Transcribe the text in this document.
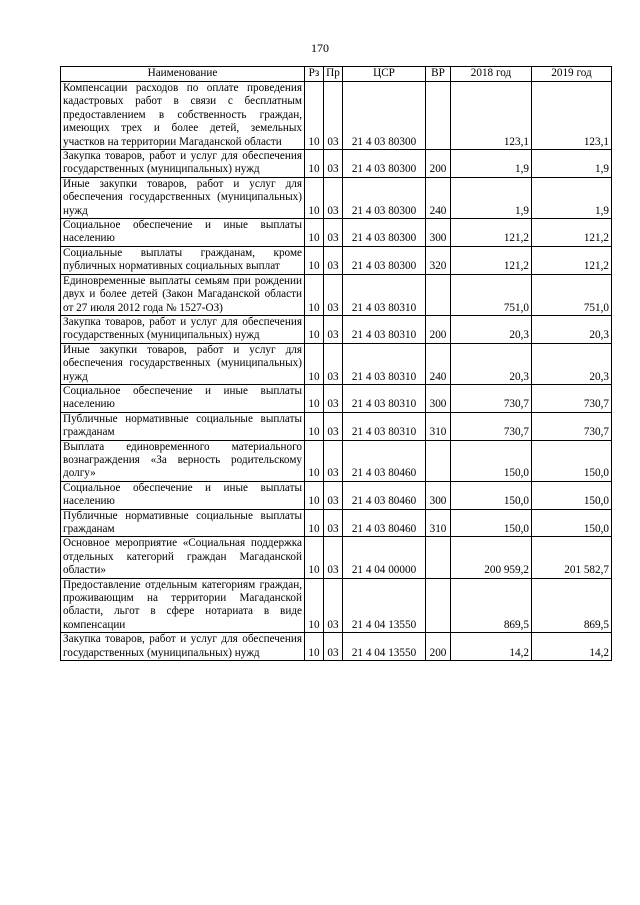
170
Наименование	Рз	Пр	ЦСР	ВР	2018 год	2019 год
Компенсации расходов по оплате проведения кадастровых работ в связи с бесплатным предоставлением в собственность граждан, имеющих трех и более детей, земельных участков на территории Магаданской области	10	03	21 4 03 80300		123,1	123,1
Закупка товаров, работ и услуг для обеспечения государственных (муниципальных) нужд	10	03	21 4 03 80300	200	1,9	1,9
Иные закупки товаров, работ и услуг для обеспечения государственных (муниципальных) нужд	10	03	21 4 03 80300	240	1,9	1,9
Социальное обеспечение и иные выплаты населению	10	03	21 4 03 80300	300	121,2	121,2
Социальные выплаты гражданам, кроме публичных нормативных социальных выплат	10	03	21 4 03 80300	320	121,2	121,2
Единовременные выплаты семьям при рождении двух и более детей (Закон Магаданской области от 27 июля 2012 года № 1527-ОЗ)	10	03	21 4 03 80310		751,0	751,0
Закупка товаров, работ и услуг для обеспечения государственных (муниципальных) нужд	10	03	21 4 03 80310	200	20,3	20,3
Иные закупки товаров, работ и услуг для обеспечения государственных (муниципальных) нужд	10	03	21 4 03 80310	240	20,3	20,3
Социальное обеспечение и иные выплаты населению	10	03	21 4 03 80310	300	730,7	730,7
Публичные нормативные социальные выплаты гражданам	10	03	21 4 03 80310	310	730,7	730,7
Выплата единовременного материального вознаграждения «За верность родительскому долгу»	10	03	21 4 03 80460		150,0	150,0
Социальное обеспечение и иные выплаты населению	10	03	21 4 03 80460	300	150,0	150,0
Публичные нормативные социальные выплаты гражданам	10	03	21 4 03 80460	310	150,0	150,0
Основное мероприятие «Социальная поддержка отдельных категорий граждан Магаданской области»	10	03	21 4 04 00000		200 959,2	201 582,7
Предоставление отдельным категориям граждан, проживающим на территории Магаданской области, льгот в сфере нотариата в виде компенсации	10	03	21 4 04 13550		869,5	869,5
Закупка товаров, работ и услуг для обеспечения государственных (муниципальных) нужд	10	03	21 4 04 13550	200	14,2	14,2
